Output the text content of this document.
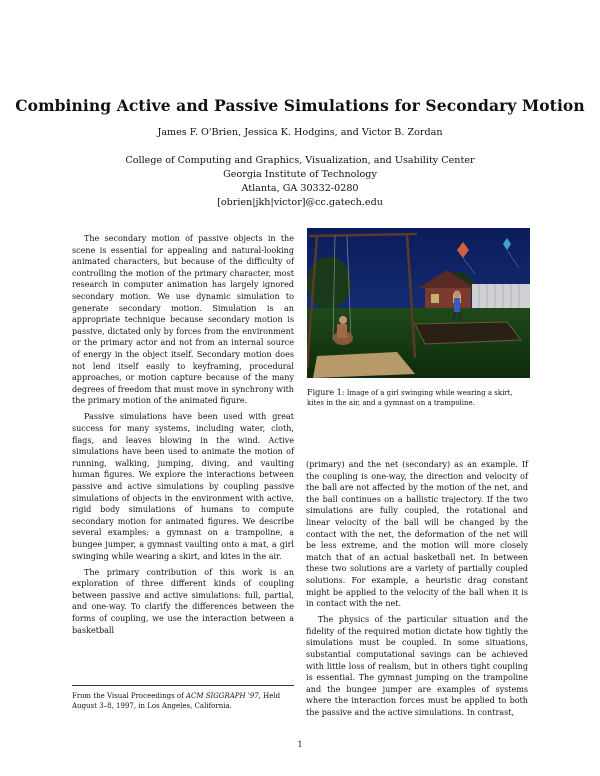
Combining Active and Passive Simulations for Secondary Motion
James F. O'Brien, Jessica K. Hodgins, and Victor B. Zordan
College of Computing and Graphics, Visualization, and Usability Center
Georgia Institute of Technology
Atlanta, GA 30332-0280
[obrien|jkh|victor]@cc.gatech.edu

The secondary motion of passive objects in the scene is essential for appealing and natural-looking animated characters, but because of the difficulty of controlling the motion of the primary character, most research in computer animation has largely ignored secondary motion. We use dynamic simulation to generate secondary motion. Simulation is an appropriate technique because secondary motion is passive, dictated only by forces from the environment or the primary actor and not from an internal source of energy in the object itself. Secondary motion does not lend itself easily to keyframing, procedural approaches, or motion capture because of the many degrees of freedom that must move in synchrony with the primary motion of the animated figure.

Passive simulations have been used with great success for many systems, including water, cloth, flags, and leaves blowing in the wind. Active simulations have been used to animate the motion of running, walking, jumping, diving, and vaulting human figures. We explore the interactions between passive and active simulations by coupling passive simulations of objects in the environment with active, rigid body simulations of humans to compute secondary motion for animated figures. We describe several examples: a gymnast on a trampoline, a bungee jumper, a gymnast vaulting onto a mat, a girl swinging while wearing a skirt, and kites in the air.

The primary contribution of this work is an exploration of three different kinds of coupling between passive and active simulations: full, partial, and one-way. To clarify the differences between the forms of coupling, we use the interaction between a basketball

Figure 1: Image of a girl swinging while wearing a skirt, kites in the air, and a gymnast on a trampoline.

(primary) and the net (secondary) as an example. If the coupling is one-way, the direction and velocity of the ball are not affected by the motion of the net, and the ball continues on a ballistic trajectory. If the two simulations are fully coupled, the rotational and linear velocity of the ball will be changed by the contact with the net, the deformation of the net will be less extreme, and the motion will more closely match that of an actual basketball net. In between these two solutions are a variety of partially coupled solutions. For example, a heuristic drag constant might be applied to the velocity of the ball when it is in contact with the net.

The physics of the particular situation and the fidelity of the required motion dictate how tightly the simulations must be coupled. In some situations, substantial computational savings can be achieved with little loss of realism, but in others tight coupling is essential. The gymnast jumping on the trampoline and the bungee jumper are examples of systems where the interaction forces must be applied to both the passive and the active simulations. In contrast,

From the Visual Proceedings of ACM SIGGRAPH '97, Held August 3–8, 1997, in Los Angeles, California.
1
